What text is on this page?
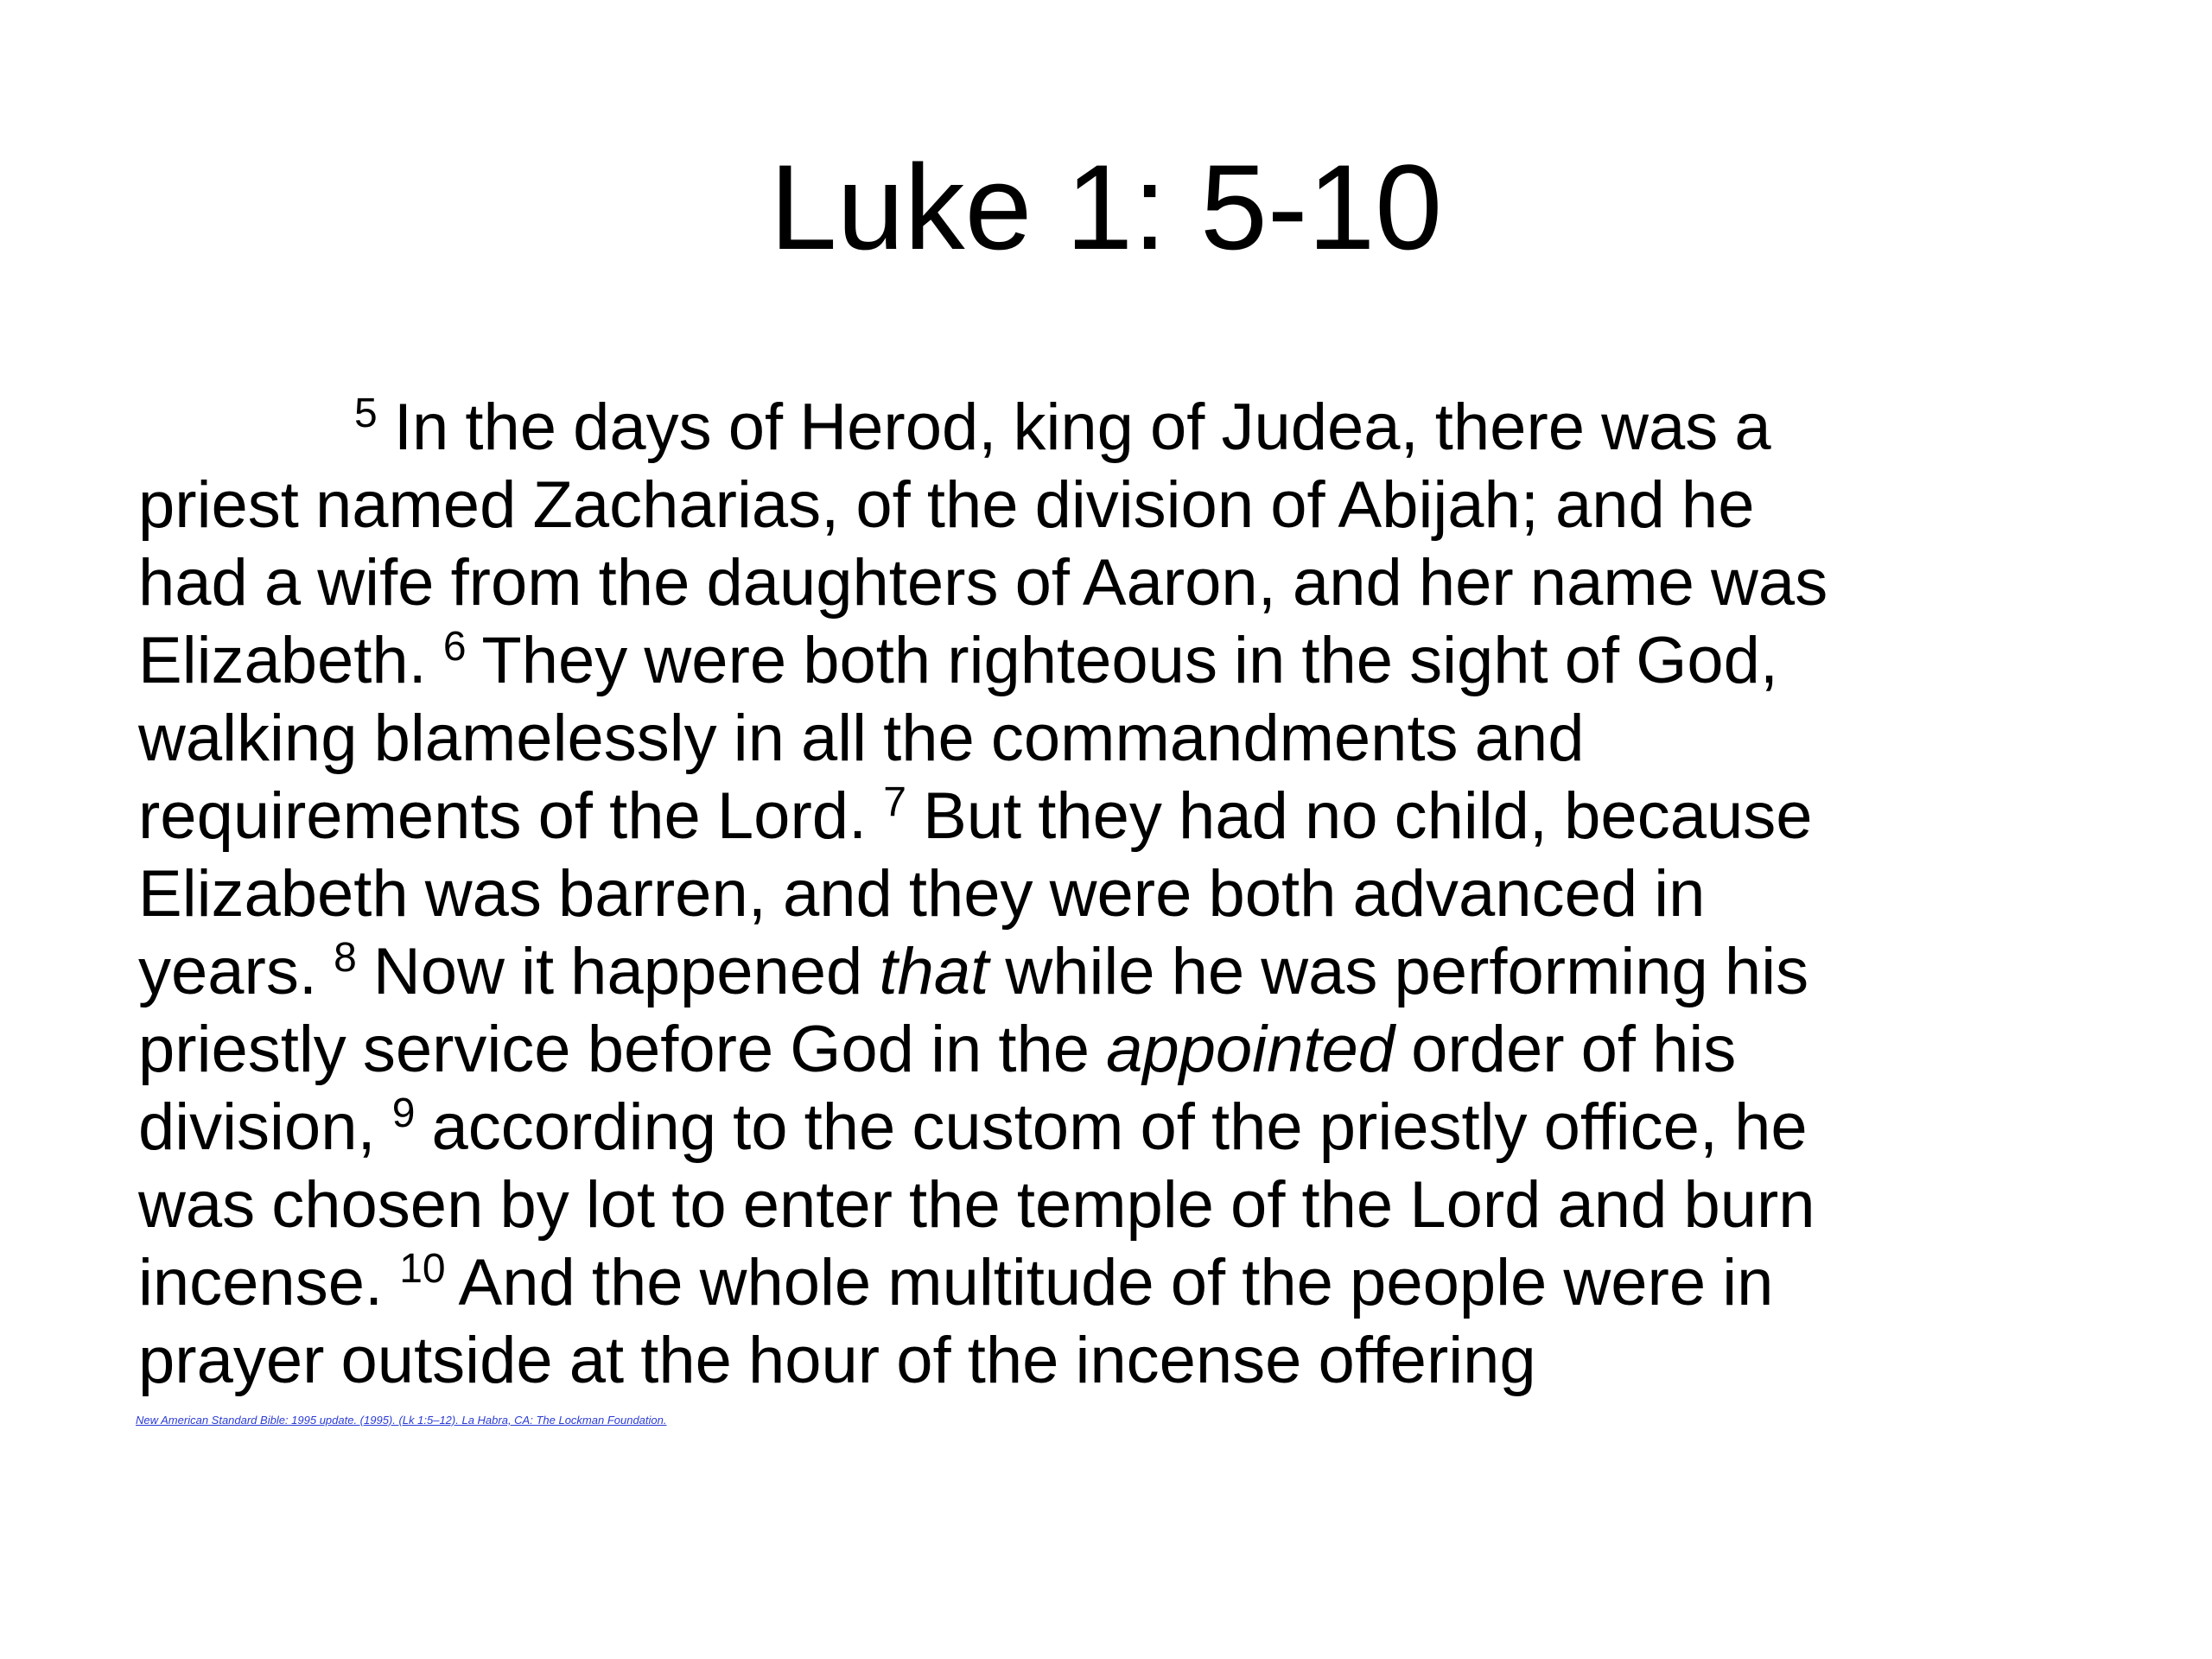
Luke 1: 5-10
$^5$ In the days of Herod, king of Judea, there was a
priest named Zacharias, of the division of Abijah; and he
had a wife from the daughters of Aaron, and her name was
Elizabeth. $^6$ They were both righteous in the sight of God,
walking blamelessly in all the commandments and
requirements of the Lord. $^7$ But they had no child, because
Elizabeth was barren, and they were both advanced in
years. $^8$ Now it happened that while he was performing his
priestly service before God in the appointed order of his
division, $^9$ according to the custom of the priestly office, he
was chosen by lot to enter the temple of the Lord and burn
incense. $^{10}$ And the whole multitude of the people were in
prayer outside at the hour of the incense offering
New American Standard Bible: 1995 update. (1995). (Lk 1:5–12). La Habra, CA: The Lockman Foundation.
